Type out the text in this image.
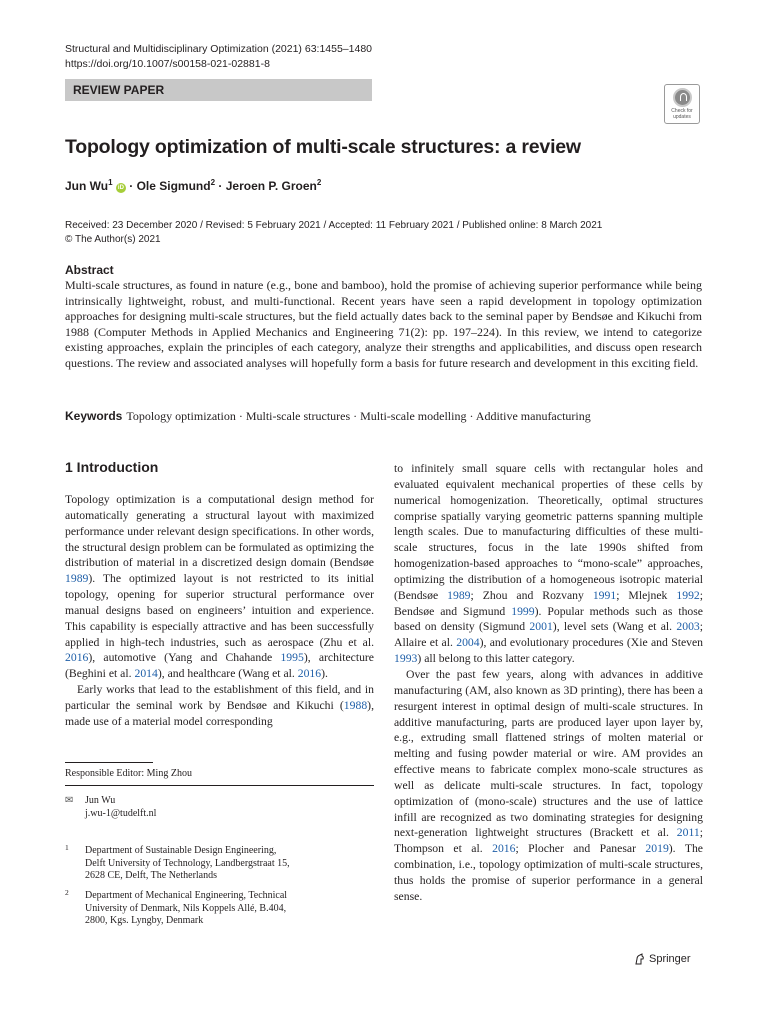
Structural and Multidisciplinary Optimization (2021) 63:1455–1480
https://doi.org/10.1007/s00158-021-02881-8
REVIEW PAPER
Check for
updates
Topology optimization of multi-scale structures: a review
Jun Wu$^1$ iD · Ole Sigmund$^2$ · Jeroen P. Groen$^2$
Received: 23 December 2020 / Revised: 5 February 2021 / Accepted: 11 February 2021 / Published online: 8 March 2021
© The Author(s) 2021
Abstract

Multi-scale structures, as found in nature (e.g., bone and bamboo), hold the promise of achieving superior performance while being intrinsically lightweight, robust, and multi-functional. Recent years have seen a rapid development in topology optimization approaches for designing multi-scale structures, but the field actually dates back to the seminal paper by Bendsøe and Kikuchi from 1988 (Computer Methods in Applied Mechanics and Engineering 71(2): pp. 197–224). In this review, we intend to categorize existing approaches, explain the principles of each category, analyze their strengths and applicabilities, and discuss open research questions. The review and associated analyses will hopefully form a basis for future research and development in this exciting field.

Keywords Topology optimization · Multi-scale structures · Multi-scale modelling · Additive manufacturing
1 Introduction

Topology optimization is a computational design method for automatically generating a structural layout with maximized performance under relevant design specifications. In other words, the structural design problem can be formulated as optimizing the distribution of material in a discretized design domain (Bendsøe 1989). The optimized layout is not restricted to its initial topology, opening for superior structural performance over manual designs based on engineers’ intuition and experience. This capability is especially attractive and has been successfully applied in high-tech industries, such as aerospace (Zhu et al. 2016), automotive (Yang and Chahande 1995), architecture (Beghini et al. 2014), and healthcare (Wang et al. 2016).

Early works that lead to the establishment of this field, and in particular the seminal work by Bendsøe and Kikuchi (1988), made use of a material model corresponding

to infinitely small square cells with rectangular holes and evaluated equivalent mechanical properties of these cells by numerical homogenization. Theoretically, optimal structures comprise spatially varying geometric patterns spanning multiple length scales. Due to manufacturing difficulties of these multi-scale structures, focus in the late 1990s shifted from homogenization-based approaches to “mono-scale” approaches, optimizing the distribution of a homogeneous isotropic material (Bendsøe 1989; Zhou and Rozvany 1991; Mlejnek 1992; Bendsøe and Sigmund 1999). Popular methods such as those based on density (Sigmund 2001), level sets (Wang et al. 2003; Allaire et al. 2004), and evolutionary procedures (Xie and Steven 1993) all belong to this latter category.

Over the past few years, along with advances in additive manufacturing (AM, also known as 3D printing), there has been a resurgent interest in optimal design of multi-scale structures. In additive manufacturing, parts are produced layer upon layer by, e.g., extruding small flattened strings of molten material or melting and fusing powder material or wire. AM provides an effective means to fabricate complex mono-scale structures as well as delicate multi-scale structures. In fact, topology optimization of (mono-scale) structures and the use of lattice infill are recognized as two dominating strategies for designing next-generation lightweight structures (Brackett et al. 2011; Thompson et al. 2016; Plocher and Panesar 2019). The combination, i.e., topology optimization of multi-scale structures, thus holds the promise of superior performance in a general sense.

Responsible Editor: Ming Zhou
✉ Jun Wu
j.wu-1@tudelft.nl
1 Department of Sustainable Design Engineering,
Delft University of Technology, Landbergstraat 15,
2628 CE, Delft, The Netherlands
2 Department of Mechanical Engineering, Technical
University of Denmark, Nils Koppels Allé, B.404,
2800, Kgs. Lyngby, Denmark
Springer
